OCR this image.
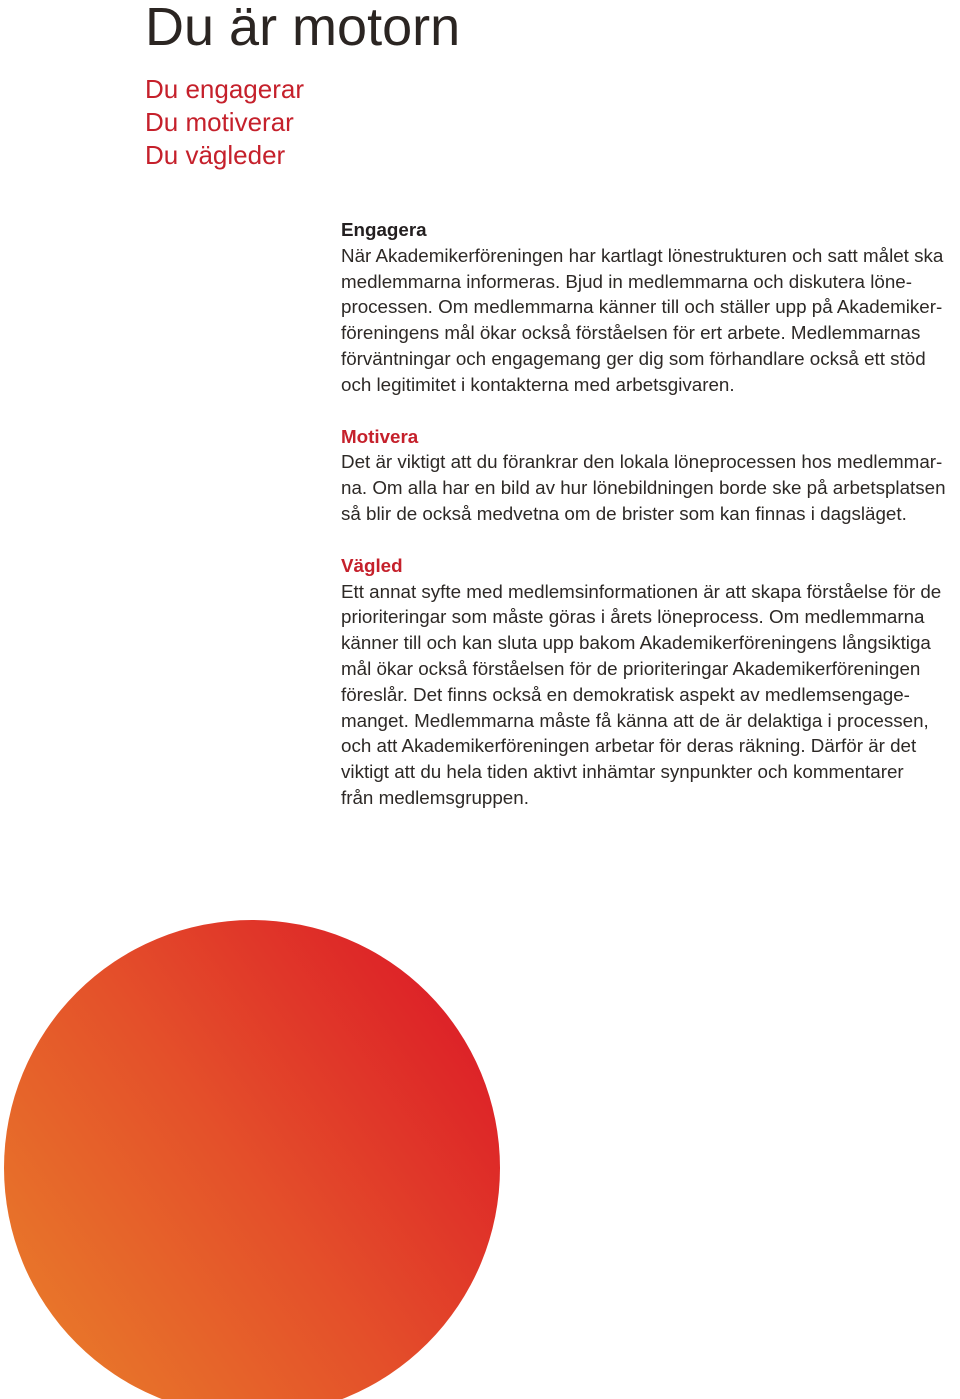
Du är motorn
Du engagerar
Du motiverar
Du vägleder
Engagera
När Akademikerföreningen har kartlagt lönestrukturen och satt målet ska
medlemmarna informeras. Bjud in medlemmarna och diskutera löne-
processen. Om medlemmarna känner till och ställer upp på Akademiker-
föreningens mål ökar också förståelsen för ert arbete. Medlemmarnas
förväntningar och engagemang ger dig som förhandlare också ett stöd
och legitimitet i kontakterna med arbetsgivaren.
Motivera
Det är viktigt att du förankrar den lokala löneprocessen hos medlemmar-
na. Om alla har en bild av hur lönebildningen borde ske på arbetsplatsen
så blir de också medvetna om de brister som kan finnas i dagsläget.
Vägled
Ett annat syfte med medlemsinformationen är att skapa förståelse för de
prioriteringar som måste göras i årets löneprocess. Om medlemmarna
känner till och kan sluta upp bakom Akademikerföreningens långsiktiga
mål ökar också förståelsen för de prioriteringar Akademikerföreningen
föreslår. Det finns också en demokratisk aspekt av medlemsengage-
manget. Medlemmarna måste få känna att de är delaktiga i processen,
och att Akademikerföreningen arbetar för deras räkning. Därför är det
viktigt att du hela tiden aktivt inhämtar synpunkter och kommentarer
från medlemsgruppen.
